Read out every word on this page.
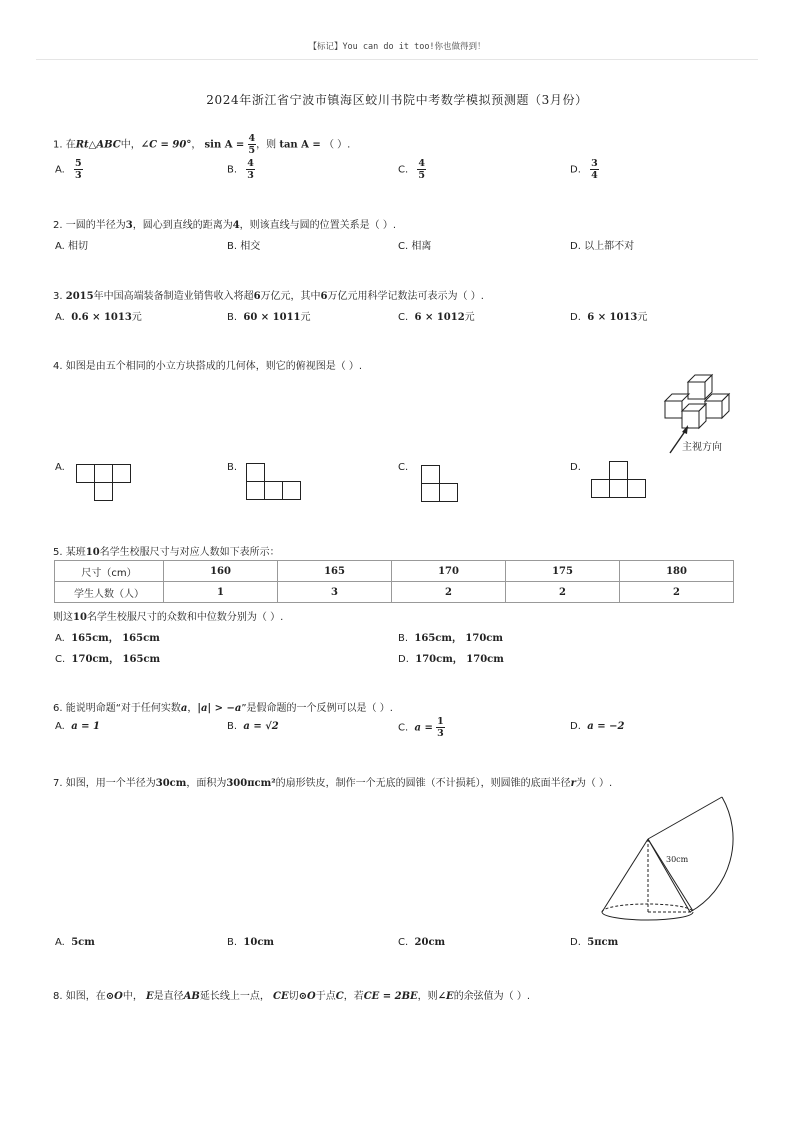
【标记】You can do it too!你也做得到！
2024年浙江省宁波市镇海区蛟川书院中考数学模拟预测题（3月份）
1. 在Rt△ABC中，∠C = 90°， $\sin A = \frac{4}{5}$ ，则 tan A = （ ）.
A. $\frac{5}{3}$	B. $\frac{4}{3}$	C. $\frac{4}{5}$	D. $\frac{3}{4}$
2. 一圆的半径为3，圆心到直线的距离为4，则该直线与圆的位置关系是（ ）.
A. 相切	B. 相交	C. 相离	D. 以上都不对
3. 2015年中国高端装备制造业销售收入将超6万亿元，其中6万亿元用科学记数法可表示为（ ）.
A. 0.6 × 1013元	B. 60 × 1011元	C. 6 × 1012元	D. 6 × 1013元
4. 如图是由五个相同的小立方块搭成的几何体，则它的俯视图是（ ）.
主视方向
A.	B.	C.	D.
5. 某班10名学生校服尺寸与对应人数如下表所示：
尺寸（cm）	160	165	170	175	180
学生人数（人）	1	3	2	2	2
则这10名学生校服尺寸的众数和中位数分别为（ ）.
A. 165cm， 165cm	B. 165cm， 170cm
C. 170cm， 165cm	D. 170cm， 170cm
6. 能说明命题“对于任何实数a，|a| > −a”是假命题的一个反例可以是（ ）.
A. a = 1	B. a = √2	C. $a = \frac{1}{3}$	D. a = −2
7. 如图，用一个半径为30cm，面积为300πcm²的扇形铁皮，制作一个无底的圆锥（不计损耗），则圆锥的底面半径r为（ ）.
30cm
A. 5cm	B. 10cm	C. 20cm	D. 5πcm
8. 如图，在⊙O中， E是直径AB延长线上一点， CE切⊙O于点C，若CE = 2BE，则∠E的余弦值为（ ）.
